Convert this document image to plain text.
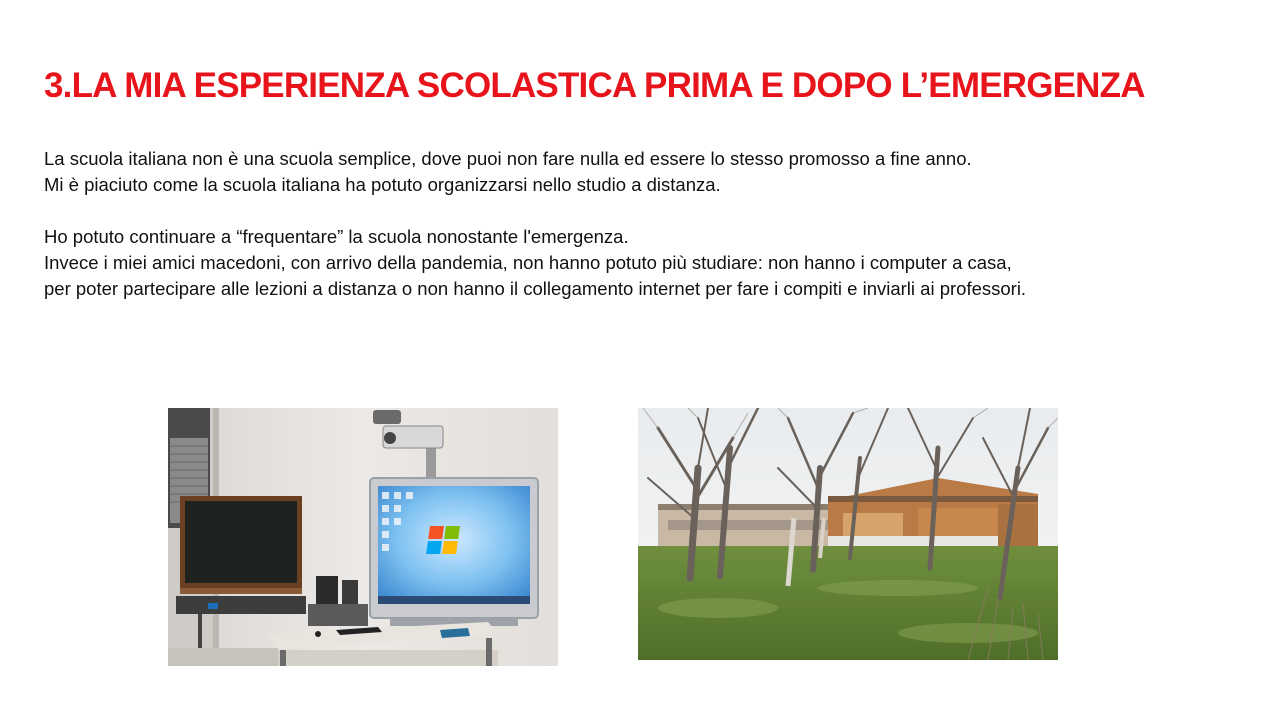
3.LA MIA ESPERIENZA SCOLASTICA PRIMA E DOPO L’EMERGENZA

La scuola italiana non è una scuola semplice, dove puoi non fare nulla ed essere lo stesso promosso a fine anno.

Mi è piaciuto come la scuola italiana ha potuto organizzarsi nello studio a distanza.

Ho potuto continuare a “frequentare” la scuola nonostante l'emergenza.

Invece i miei amici macedoni, con arrivo della pandemia, non hanno potuto più studiare: non hanno i computer a casa,

per poter partecipare alle lezioni a distanza o non hanno il collegamento internet per fare i compiti e inviarli ai professori.
